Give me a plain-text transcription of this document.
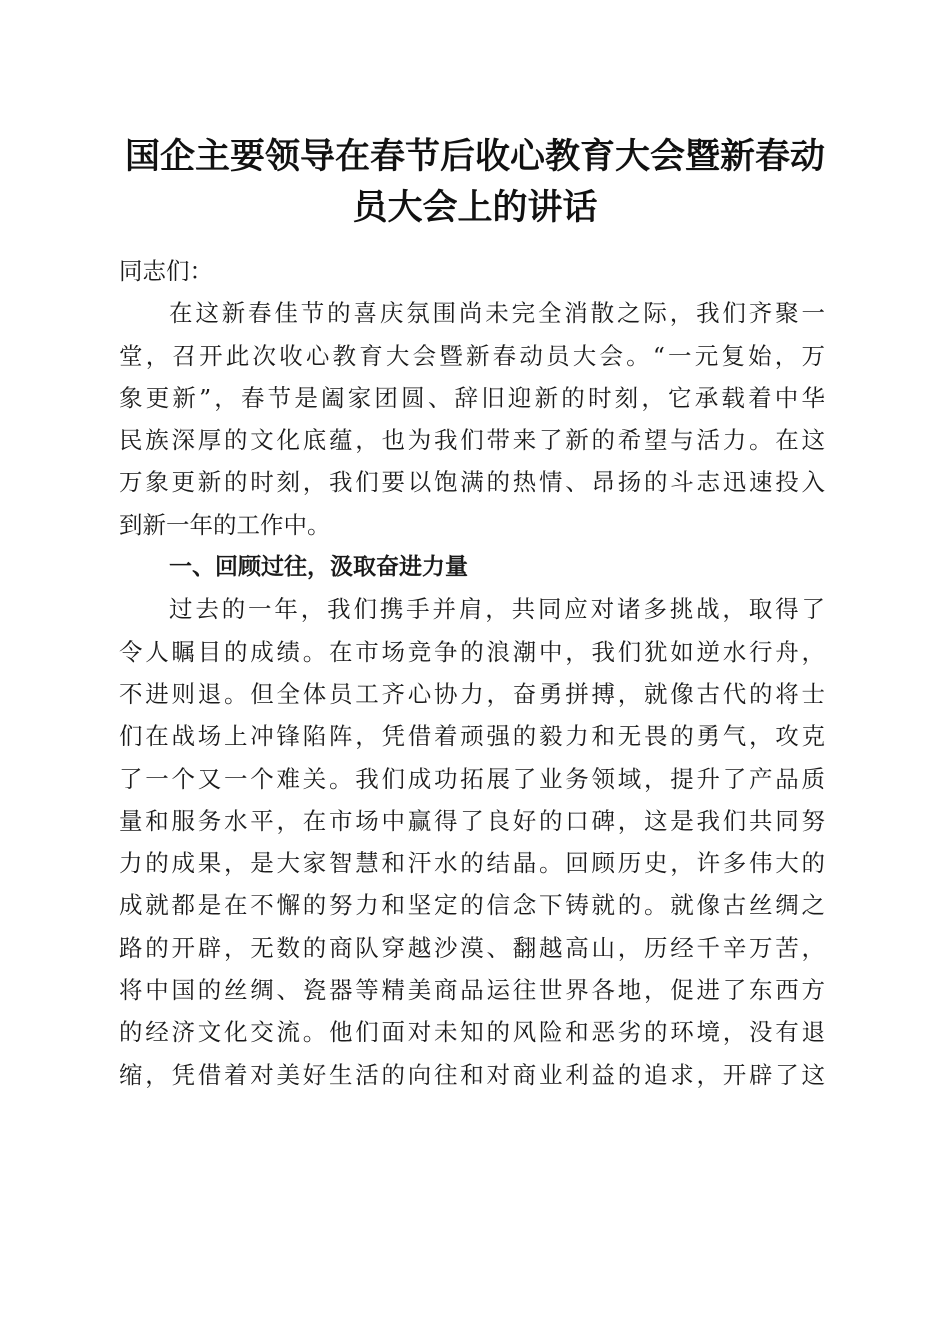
国企主要领导在春节后收心教育大会暨新春动
员大会上的讲话
同志们：
在这新春佳节的喜庆氛围尚未完全消散之际，我们齐聚一
堂，召开此次收心教育大会暨新春动员大会。“一元复始，万
象更新”，春节是阖家团圆、辞旧迎新的时刻，它承载着中华
民族深厚的文化底蕴，也为我们带来了新的希望与活力。在这
万象更新的时刻，我们要以饱满的热情、昂扬的斗志迅速投入
到新一年的工作中。
一、回顾过往，汲取奋进力量
过去的一年，我们携手并肩，共同应对诸多挑战，取得了
令人瞩目的成绩。在市场竞争的浪潮中，我们犹如逆水行舟，
不进则退。但全体员工齐心协力，奋勇拼搏，就像古代的将士
们在战场上冲锋陷阵，凭借着顽强的毅力和无畏的勇气，攻克
了一个又一个难关。我们成功拓展了业务领域，提升了产品质
量和服务水平，在市场中赢得了良好的口碑，这是我们共同努
力的成果，是大家智慧和汗水的结晶。回顾历史，许多伟大的
成就都是在不懈的努力和坚定的信念下铸就的。就像古丝绸之
路的开辟，无数的商队穿越沙漠、翻越高山，历经千辛万苦，
将中国的丝绸、瓷器等精美商品运往世界各地，促进了东西方
的经济文化交流。他们面对未知的风险和恶劣的环境，没有退
缩，凭借着对美好生活的向往和对商业利益的追求，开辟了这
